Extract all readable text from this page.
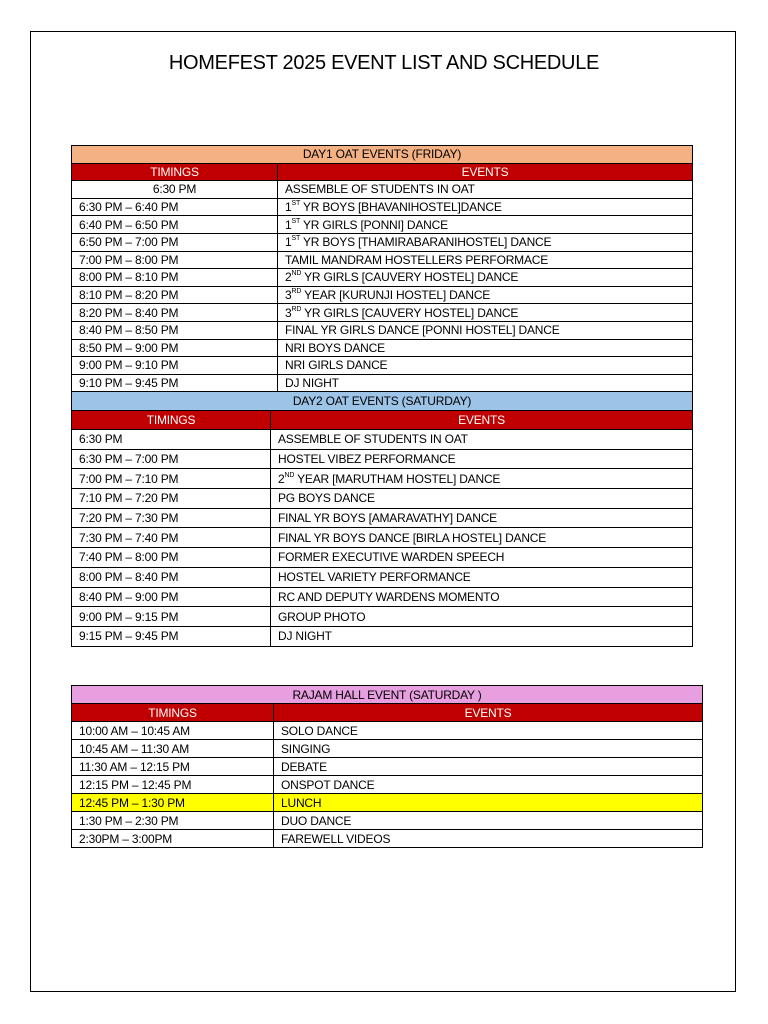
HOMEFEST 2025 EVENT LIST AND SCHEDULE
DAY1 OAT EVENTS (FRIDAY)	
TIMINGS	EVENTS
6:30 PM	ASSEMBLE OF STUDENTS IN OAT
6:30 PM – 6:40 PM	1ST YR BOYS [BHAVANIHOSTEL]DANCE
6:40 PM – 6:50 PM	1ST YR GIRLS [PONNI] DANCE
6:50 PM – 7:00 PM	1ST YR BOYS [THAMIRABARANIHOSTEL] DANCE
7:00 PM – 8:00 PM	TAMIL MANDRAM HOSTELLERS PERFORMACE
8:00 PM – 8:10 PM	2ND YR GIRLS [CAUVERY HOSTEL] DANCE
8:10 PM – 8:20 PM	3RD YEAR [KURUNJI HOSTEL] DANCE
8:20 PM – 8:40 PM	3RD YR GIRLS [CAUVERY HOSTEL] DANCE
8:40 PM – 8:50 PM	FINAL YR GIRLS DANCE [PONNI HOSTEL] DANCE
8:50 PM – 9:00 PM	NRI BOYS DANCE
9:00 PM – 9:10 PM	NRI GIRLS DANCE
9:10 PM – 9:45 PM	DJ NIGHT
DAY2 OAT EVENTS (SATURDAY)	
TIMINGS	EVENTS
6:30 PM	ASSEMBLE OF STUDENTS IN OAT
6:30 PM – 7:00 PM	HOSTEL VIBEZ PERFORMANCE
7:00 PM – 7:10 PM	2ND YEAR [MARUTHAM HOSTEL] DANCE
7:10 PM – 7:20 PM	PG BOYS DANCE
7:20 PM – 7:30 PM	FINAL YR BOYS [AMARAVATHY] DANCE
7:30 PM – 7:40 PM	FINAL YR BOYS DANCE [BIRLA HOSTEL] DANCE
7:40 PM – 8:00 PM	FORMER EXECUTIVE WARDEN SPEECH
8:00 PM – 8:40 PM	HOSTEL VARIETY PERFORMANCE
8:40 PM – 9:00 PM	RC AND DEPUTY WARDENS MOMENTO
9:00 PM – 9:15 PM	GROUP PHOTO
9:15 PM – 9:45 PM	DJ NIGHT
RAJAM HALL EVENT (SATURDAY )	
TIMINGS	EVENTS
10:00 AM – 10:45 AM	SOLO DANCE
10:45 AM – 11:30 AM	SINGING
11:30 AM – 12:15 PM	DEBATE
12:15 PM – 12:45 PM	ONSPOT DANCE
12:45 PM – 1:30 PM	LUNCH
1:30 PM – 2:30 PM	DUO DANCE
2:30PM – 3:00PM	FAREWELL VIDEOS
